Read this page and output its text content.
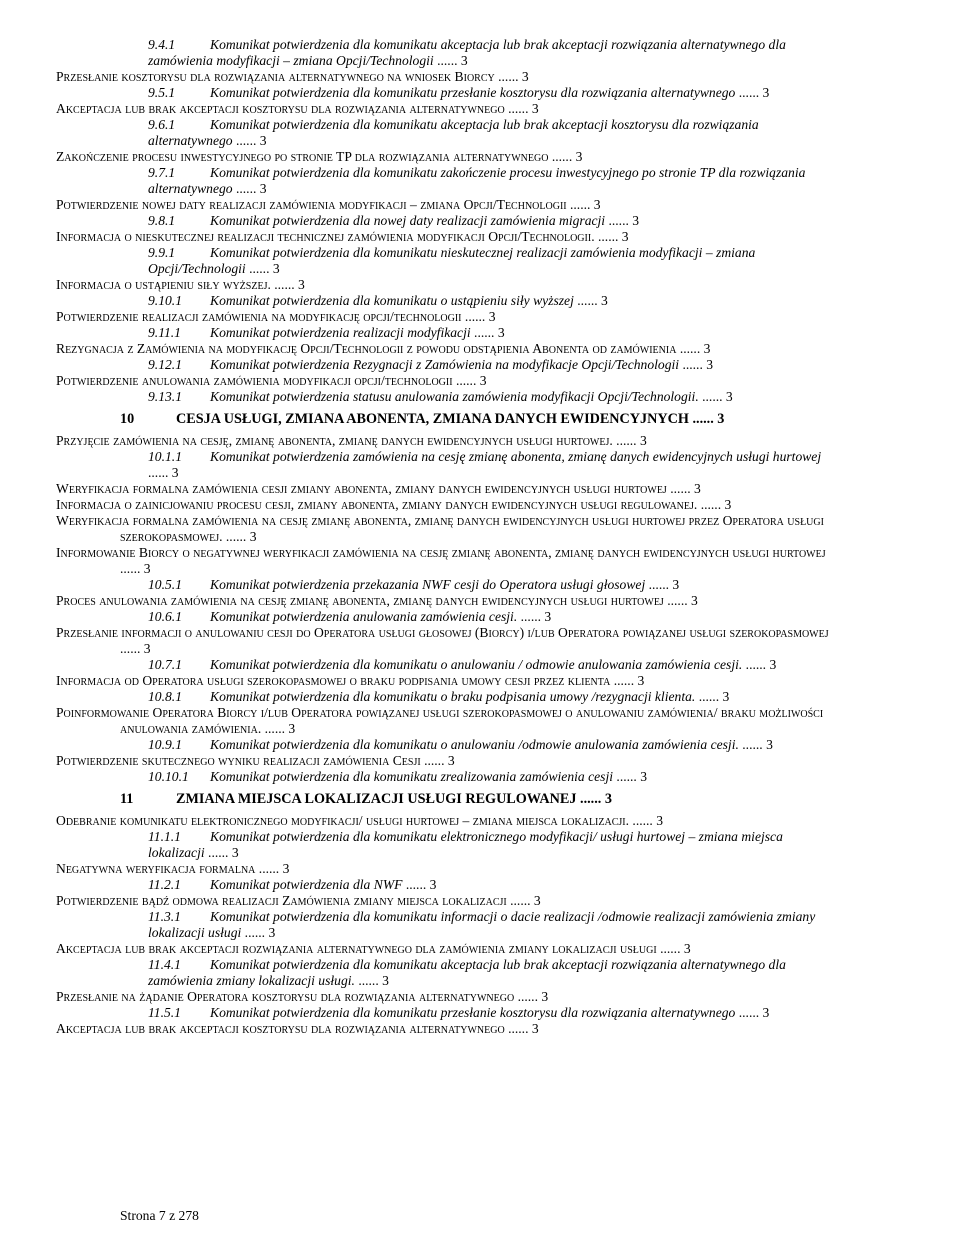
9.4.1	Komunikat potwierdzenia dla komunikatu akceptacja lub brak akceptacji rozwiązania alternatywnego dla zamówienia modyfikacji – zmiana Opcji/Technologii ...... 3
Przesłanie kosztorysu dla rozwiązania alternatywnego na wniosek Biorcy ...... 3
9.5.1	Komunikat potwierdzenia dla komunikatu przesłanie kosztorysu dla rozwiązania alternatywnego ...... 3
Akceptacja lub brak akceptacji kosztorysu dla rozwiązania alternatywnego ...... 3
9.6.1	Komunikat potwierdzenia dla komunikatu akceptacja lub brak akceptacji kosztorysu dla rozwiązania alternatywnego ...... 3
Zakończenie procesu inwestycyjnego po stronie TP dla rozwiązania alternatywnego ...... 3
9.7.1	Komunikat potwierdzenia dla komunikatu zakończenie procesu inwestycyjnego po stronie TP dla rozwiązania alternatywnego ...... 3
Potwierdzenie nowej daty realizacji zamówienia modyfikacji – zmiana Opcji/Technologii ...... 3
9.8.1	Komunikat potwierdzenia dla nowej daty realizacji zamówienia migracji ...... 3
Informacja o nieskutecznej realizacji technicznej zamówienia modyfikacji Opcji/Technologii. ...... 3
9.9.1	Komunikat potwierdzenia dla komunikatu nieskutecznej realizacji zamówienia modyfikacji – zmiana Opcji/Technologii ...... 3
Informacja o ustąpieniu siły wyższej. ...... 3
9.10.1 Komunikat potwierdzenia dla komunikatu o ustąpieniu siły wyższej ...... 3
Potwierdzenie realizacji zamówienia na modyfikację opcji/technologii ...... 3
9.11.1 Komunikat potwierdzenia realizacji modyfikacji ...... 3
Rezygnacja z Zamówienia na modyfikację Opcji/Technologii z powodu odstąpienia Abonenta od zamówienia ...... 3
9.12.1 Komunikat potwierdzenia Rezygnacji z Zamówienia na modyfikacje Opcji/Technologii ...... 3
Potwierdzenie anulowania zamówienia modyfikacji opcji/technologii ...... 3
9.13.1 Komunikat potwierdzenia statusu anulowania zamówienia modyfikacji Opcji/Technologii. ...... 3
10	CESJA USŁUGI, ZMIANA ABONENTA, ZMIANA DANYCH EWIDENCYJNYCH ...... 3
Przyjęcie zamówienia na cesję, zmianę abonenta, zmianę danych ewidencyjnych usługi hurtowej. ...... 3
10.1.1 Komunikat potwierdzenia zamówienia na cesję zmianę abonenta, zmianę danych ewidencyjnych usługi hurtowej ...... 3
Weryfikacja formalna zamówienia cesji zmiany abonenta, zmiany danych ewidencyjnych usługi hurtowej ...... 3
Informacja o zainicjowaniu procesu cesji, zmiany abonenta, zmiany danych ewidencyjnych usługi regulowanej. ...... 3
Weryfikacja formalna zamówienia na cesję zmianę abonenta, zmianę danych ewidencyjnych usługi hurtowej przez Operatora usługi szerokopasmowej. ...... 3
Informowanie Biorcy o negatywnej weryfikacji zamówienia na cesję zmianę abonenta, zmianę danych ewidencyjnych usługi hurtowej ...... 3
10.5.1 Komunikat potwierdzenia przekazania NWF cesji do Operatora usługi głosowej ...... 3
Proces anulowania zamówienia na cesję zmianę abonenta, zmianę danych ewidencyjnych usługi hurtowej ...... 3
10.6.1 Komunikat potwierdzenia anulowania zamówienia cesji. ...... 3
Przesłanie informacji o anulowaniu cesji do Operatora usługi głosowej (Biorcy) i/lub Operatora powiązanej usługi szerokopasmowej ...... 3
10.7.1 Komunikat potwierdzenia dla komunikatu o anulowaniu / odmowie anulowania zamówienia cesji. ...... 3
Informacja od Operatora usługi szerokopasmowej o braku podpisania umowy cesji przez klienta ...... 3
10.8.1 Komunikat potwierdzenia dla komunikatu o braku podpisania umowy /rezygnacji klienta. ...... 3
Poinformowanie Operatora Biorcy i/lub Operatora powiązanej usługi szerokopasmowej o anulowaniu zamówienia/ braku możliwości anulowania zamówienia. ...... 3
10.9.1 Komunikat potwierdzenia dla komunikatu o anulowaniu /odmowie anulowania zamówienia cesji. ...... 3
Potwierdzenie skutecznego wyniku realizacji zamówienia Cesji ...... 3
10.10.1 Komunikat potwierdzenia dla komunikatu zrealizowania zamówienia cesji ...... 3
11	ZMIANA MIEJSCA LOKALIZACJI USŁUGI REGULOWANEJ ...... 3
Odebranie komunikatu elektronicznego modyfikacji/ usługi hurtowej – zmiana miejsca lokalizacji. ...... 3
11.1.1 Komunikat potwierdzenia dla komunikatu elektronicznego modyfikacji/ usługi hurtowej – zmiana miejsca lokalizacji ...... 3
Negatywna weryfikacja formalna ...... 3
11.2.1 Komunikat potwierdzenia dla NWF ...... 3
Potwierdzenie bądź odmowa realizacji Zamówienia zmiany miejsca lokalizacji ...... 3
11.3.1 Komunikat potwierdzenia dla komunikatu informacji o dacie realizacji /odmowie realizacji zamówienia zmiany lokalizacji usługi ...... 3
Akceptacja lub brak akceptacji rozwiązania alternatywnego dla zamówienia zmiany lokalizacji usługi ...... 3
11.4.1 Komunikat potwierdzenia dla komunikatu akceptacja lub brak akceptacji rozwiązania alternatywnego dla zamówienia zmiany lokalizacji usługi. ...... 3
Przesłanie na żądanie Operatora kosztorysu dla rozwiązania alternatywnego ...... 3
11.5.1 Komunikat potwierdzenia dla komunikatu przesłanie kosztorysu dla rozwiązania alternatywnego ...... 3
Akceptacja lub brak akceptacji kosztorysu dla rozwiązania alternatywnego ...... 3
Strona 7 z 278
